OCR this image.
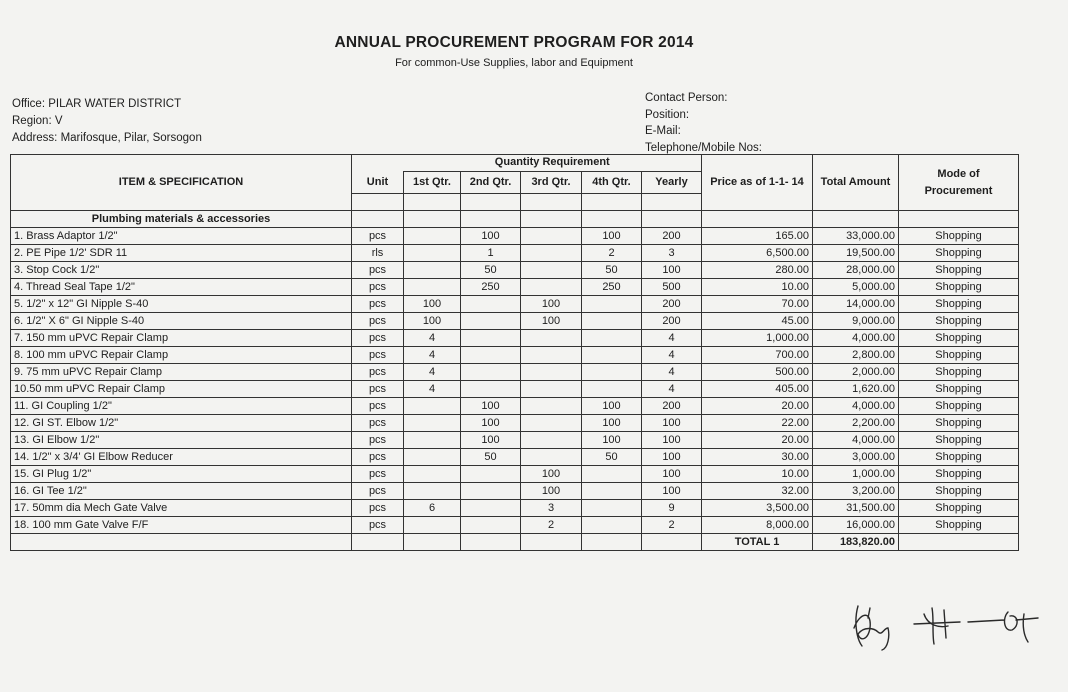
ANNUAL PROCUREMENT PROGRAM FOR 2014
For common-Use Supplies, labor and Equipment
Office: PILAR WATER DISTRICT
Region: V
Address: Marifosque, Pilar, Sorsogon
Contact Person:
Position:
E-Mail:
Telephone/Mobile Nos:
ITEM & SPECIFICATION		Quantity Requirement					Price as of 1-1- 14	Total Amount	Mode of Procurement
	Unit	1st Qtr.	2nd Qtr.	3rd Qtr.	4th Qtr.	Yearly			

Plumbing materials & accessories									
1. Brass Adaptor 1/2"	pcs		100		100	200	165.00	33,000.00	Shopping
2. PE Pipe 1/2' SDR 11	rls		1		2	3	6,500.00	19,500.00	Shopping
3. Stop Cock 1/2"	pcs		50		50	100	280.00	28,000.00	Shopping
4. Thread Seal Tape 1/2"	pcs		250		250	500	10.00	5,000.00	Shopping
5. 1/2" x 12" GI Nipple S-40	pcs	100		100		200	70.00	14,000.00	Shopping
6. 1/2" X 6" GI Nipple S-40	pcs	100		100		200	45.00	9,000.00	Shopping
7. 150 mm uPVC Repair Clamp	pcs	4				4	1,000.00	4,000.00	Shopping
8. 100 mm uPVC Repair Clamp	pcs	4				4	700.00	2,800.00	Shopping
9. 75 mm uPVC Repair Clamp	pcs	4				4	500.00	2,000.00	Shopping
10.50 mm uPVC Repair Clamp	pcs	4				4	405.00	1,620.00	Shopping
11. GI Coupling 1/2"	pcs		100		100	200	20.00	4,000.00	Shopping
12. GI ST. Elbow 1/2"	pcs		100		100	100	22.00	2,200.00	Shopping
13. GI Elbow 1/2"	pcs		100		100	100	20.00	4,000.00	Shopping
14. 1/2" x 3/4' GI Elbow Reducer	pcs		50		50	100	30.00	3,000.00	Shopping
15. GI Plug 1/2"	pcs			100		100	10.00	1,000.00	Shopping
16. GI Tee 1/2"	pcs			100		100	32.00	3,200.00	Shopping
17. 50mm dia Mech Gate Valve	pcs	6		3		9	3,500.00	31,500.00	Shopping
18. 100 mm Gate Valve F/F	pcs			2		2	8,000.00	16,000.00	Shopping
							TOTAL 1	183,820.00	
